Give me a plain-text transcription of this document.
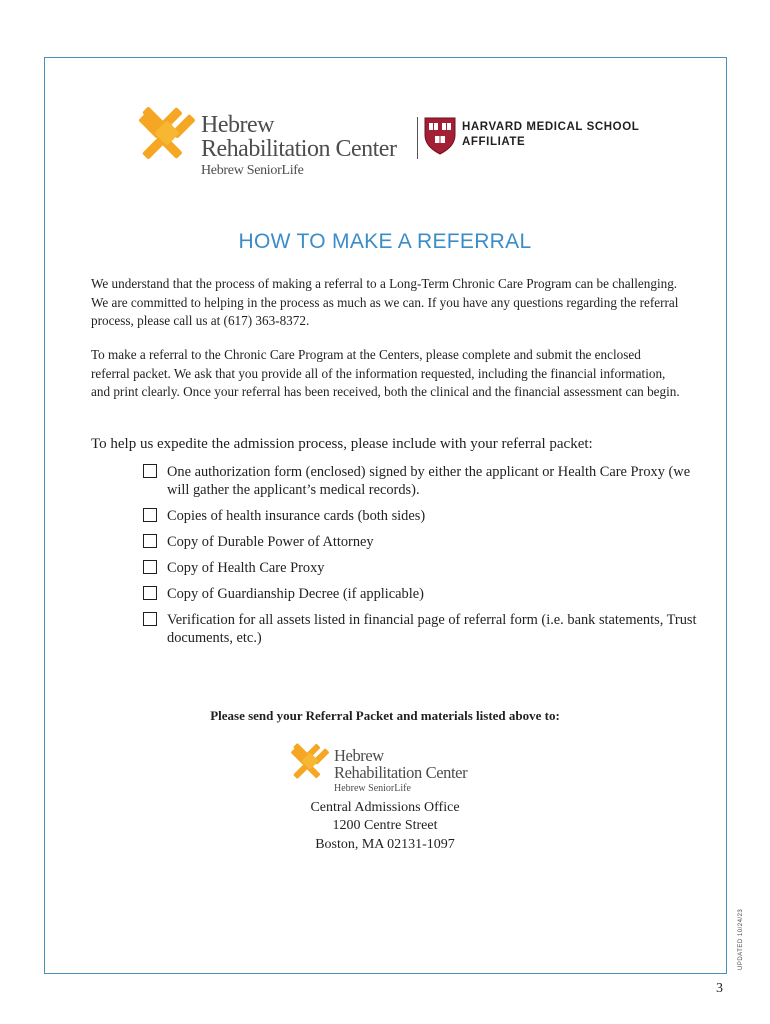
Hebrew
Rehabilitation Center
Hebrew SeniorLife
HARVARD MEDICAL SCHOOL
AFFILIATE
HOW TO MAKE A REFERRAL
We understand that the process of making a referral to a Long-Term Chronic Care Program can be challenging. We are committed to helping in the process as much as we can. If you have any questions regarding the referral process, please call us at (617) 363-8372.
To make a referral to the Chronic Care Program at the Centers, please complete and submit the enclosed referral packet. We ask that you provide all of the information requested, including the financial information, and print clearly. Once your referral has been received, both the clinical and the financial assessment can begin.
To help us expedite the admission process, please include with your referral packet:
One authorization form (enclosed) signed by either the applicant or Health Care Proxy (we will gather the applicant’s medical records).
Copies of health insurance cards (both sides)
Copy of Durable Power of Attorney
Copy of Health Care Proxy
Copy of Guardianship Decree (if applicable)
Verification for all assets listed in financial page of referral form (i.e. bank statements, Trust documents, etc.)
Please send your Referral Packet and materials listed above to:
Hebrew
Rehabilitation Center
Hebrew SeniorLife
Central Admissions Office
1200 Centre Street
Boston, MA 02131-1097
UPDATED 10/24/23
3
